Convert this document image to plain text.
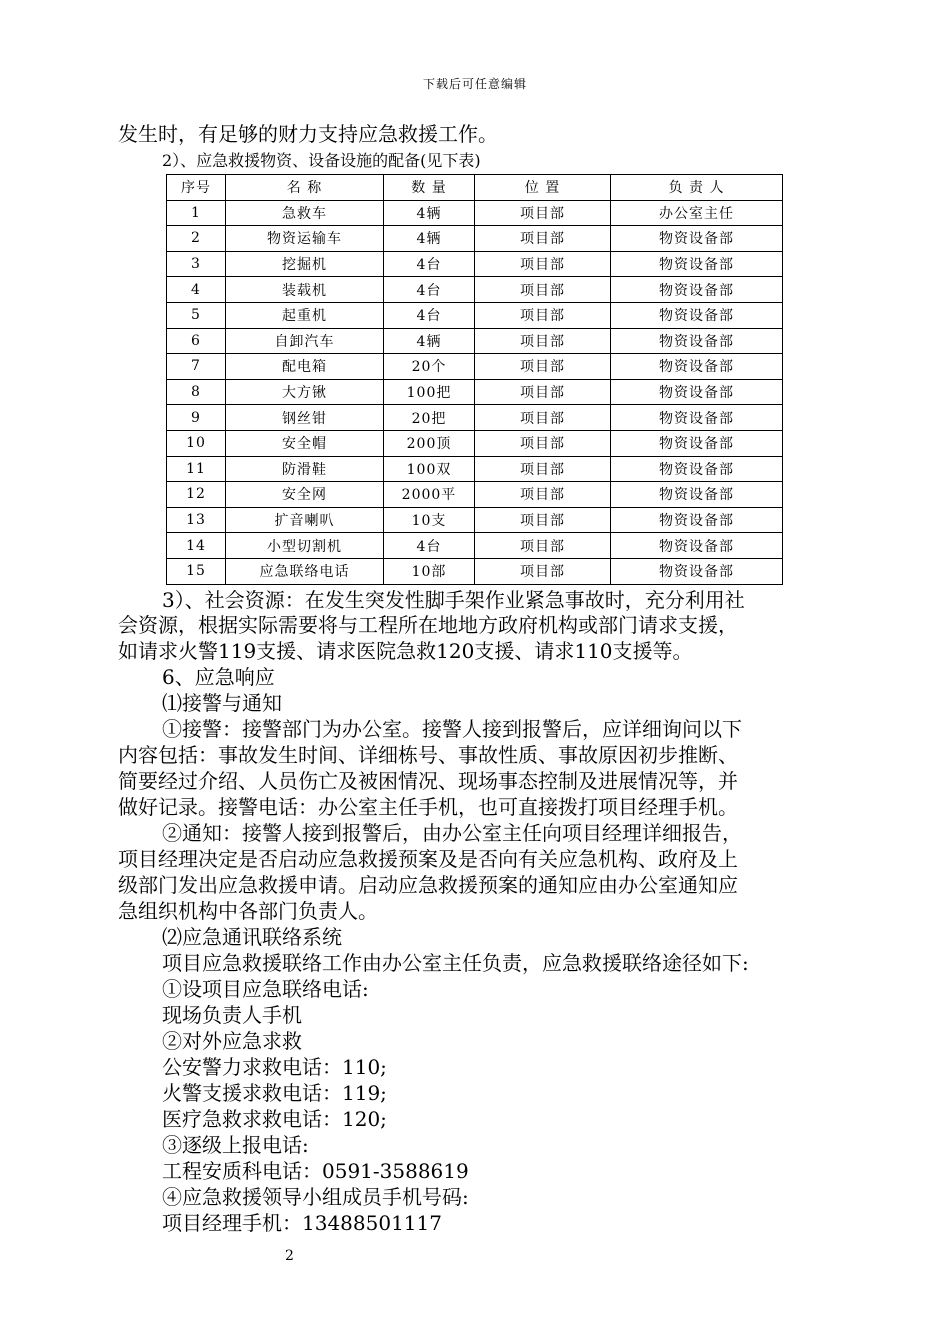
下载后可任意编辑
发生时，有足够的财力支持应急救援工作。
2）、应急救援物资、设备设施的配备(见下表)
序号	名 称	数 量	位 置	负 责 人
1	急救车	4辆	项目部	办公室主任
2	物资运输车	4辆	项目部	物资设备部
3	挖掘机	4台	项目部	物资设备部
4	装载机	4台	项目部	物资设备部
5	起重机	4台	项目部	物资设备部
6	自卸汽车	4辆	项目部	物资设备部
7	配电箱	20个	项目部	物资设备部
8	大方锹	100把	项目部	物资设备部
9	钢丝钳	20把	项目部	物资设备部
10	安全帽	200顶	项目部	物资设备部
11	防滑鞋	100双	项目部	物资设备部
12	安全网	2000平	项目部	物资设备部
13	扩音喇叭	10支	项目部	物资设备部
14	小型切割机	4台	项目部	物资设备部
15	应急联络电话	10部	项目部	物资设备部
3）、社会资源：在发生突发性脚手架作业紧急事故时，充分利用社
会资源，根据实际需要将与工程所在地地方政府机构或部门请求支援，
如请求火警119支援、请求医院急救120支援、请求110支援等。
6、应急响应
⑴接警与通知
①接警：接警部门为办公室。接警人接到报警后，应详细询问以下
内容包括：事故发生时间、详细栋号、事故性质、事故原因初步推断、
简要经过介绍、人员伤亡及被困情况、现场事态控制及进展情况等，并
做好记录。接警电话：办公室主任手机，也可直接拨打项目经理手机。
②通知：接警人接到报警后，由办公室主任向项目经理详细报告，
项目经理决定是否启动应急救援预案及是否向有关应急机构、政府及上
级部门发出应急救援申请。启动应急救援预案的通知应由办公室通知应
急组织机构中各部门负责人。
⑵应急通讯联络系统
项目应急救援联络工作由办公室主任负责，应急救援联络途径如下:
①设项目应急联络电话:
现场负责人手机
②对外应急求救
公安警力求救电话：110;
火警支援求救电话：119;
医疗急救求救电话：120;
③逐级上报电话:
工程安质科电话：0591-3588619
④应急救援领导小组成员手机号码:
项目经理手机：13488501117
2
